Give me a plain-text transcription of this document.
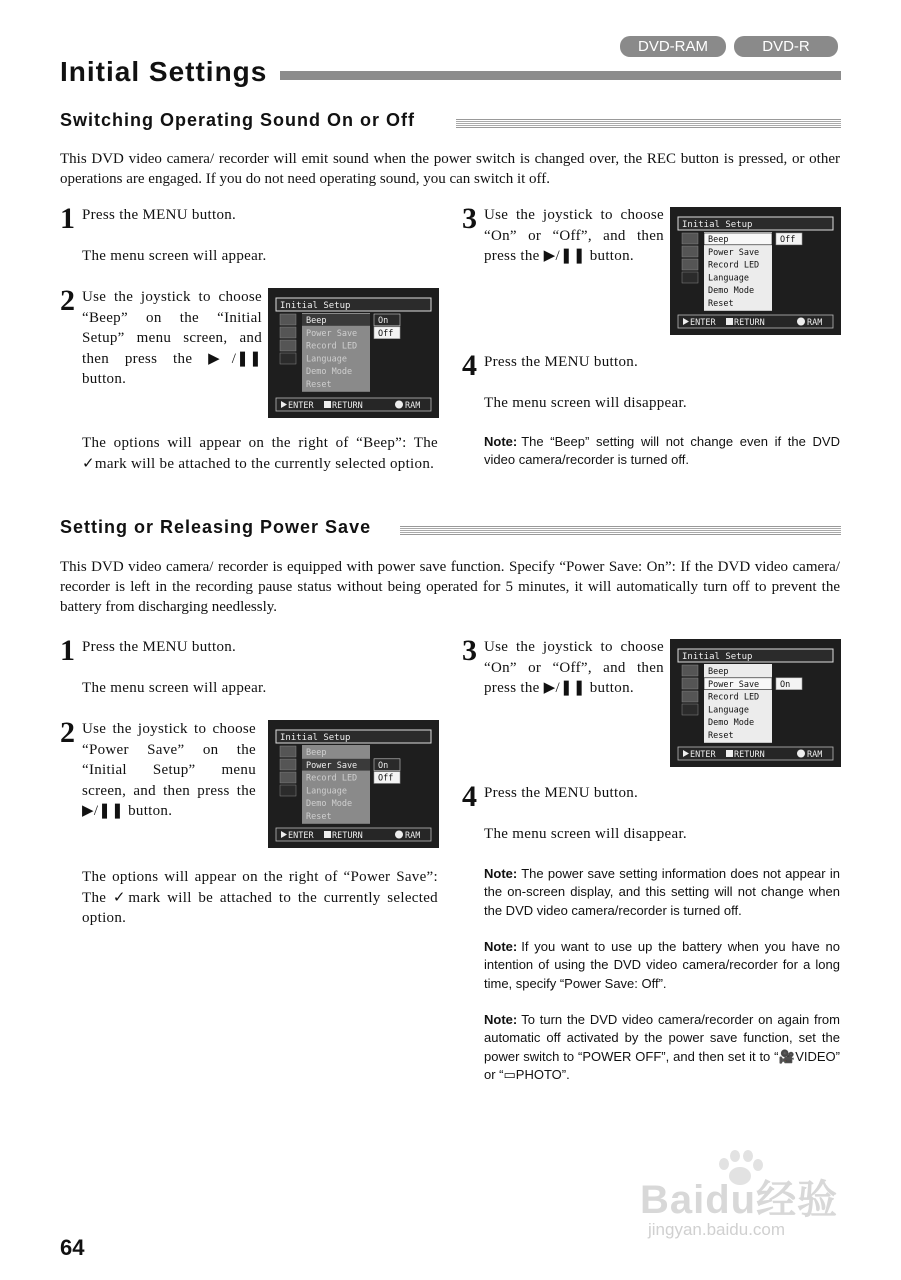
DVD-RAM	DVD-R
Initial Settings
Switching Operating Sound On or Off
This DVD video camera/ recorder will emit sound when the power switch is changed over, the REC button is pressed, or other operations are engaged. If you do not need operating sound, you can switch it off.
1 Press the MENU button.
The menu screen will appear.
2 Use the joystick to choose “Beep” on the “Initial Setup” menu screen, and then press the ▶/❚❚ button.
Initial Setup
Beep
Power Save
Record LED
Language
Demo Mode
Reset
On
Off
ENTER RETURN	RAM
The options will appear on the right of “Beep”: The ✓mark will be attached to the currently selected option.
3 Use the joystick to choose “On” or “Off”, and then press the ▶/❚❚ button.
Initial Setup
Beep
Power Save
Record LED
Language
Demo Mode
Reset
Off
ENTER RETURN	RAM
4 Press the MENU button.
The menu screen will disappear.
Note: The “Beep” setting will not change even if the DVD video camera/recorder is turned off.
Setting or Releasing Power Save
This DVD video camera/ recorder is equipped with power save function. Specify “Power Save: On”: If the DVD video camera/ recorder is left in the recording pause status without being operated for 5 minutes, it will automatically turn off to prevent the battery from discharging needlessly.
1 Press the MENU button.
The menu screen will appear.
2 Use the joystick to choose “Power Save” on the “Initial Setup” menu screen, and then press the ▶/❚❚ button.
Initial Setup
Beep
Power Save
Record LED
Language
Demo Mode
Reset
On
Off
ENTER RETURN	RAM
The options will appear on the right of “Power Save”: The ✓mark will be attached to the currently selected option.
3 Use the joystick to choose “On” or “Off”, and then press the ▶/❚❚ button.
Initial Setup
Beep
Power Save
Record LED
Language
Demo Mode
Reset
On
ENTER RETURN	RAM
4 Press the MENU button.
The menu screen will disappear.
Note: The power save setting information does not appear in the on-screen display, and this setting will not change when the DVD video camera/recorder is turned off.
Note: If you want to use up the battery when you have no intention of using the DVD video camera/recorder for a long time, specify “Power Save: Off”.
Note: To turn the DVD video camera/recorder on again from automatic off activated by the power save function, set the power switch to “POWER OFF”, and then set it to “🎥VIDEO” or “▭PHOTO”.
Baidu经验
jingyan.baidu.com
64
